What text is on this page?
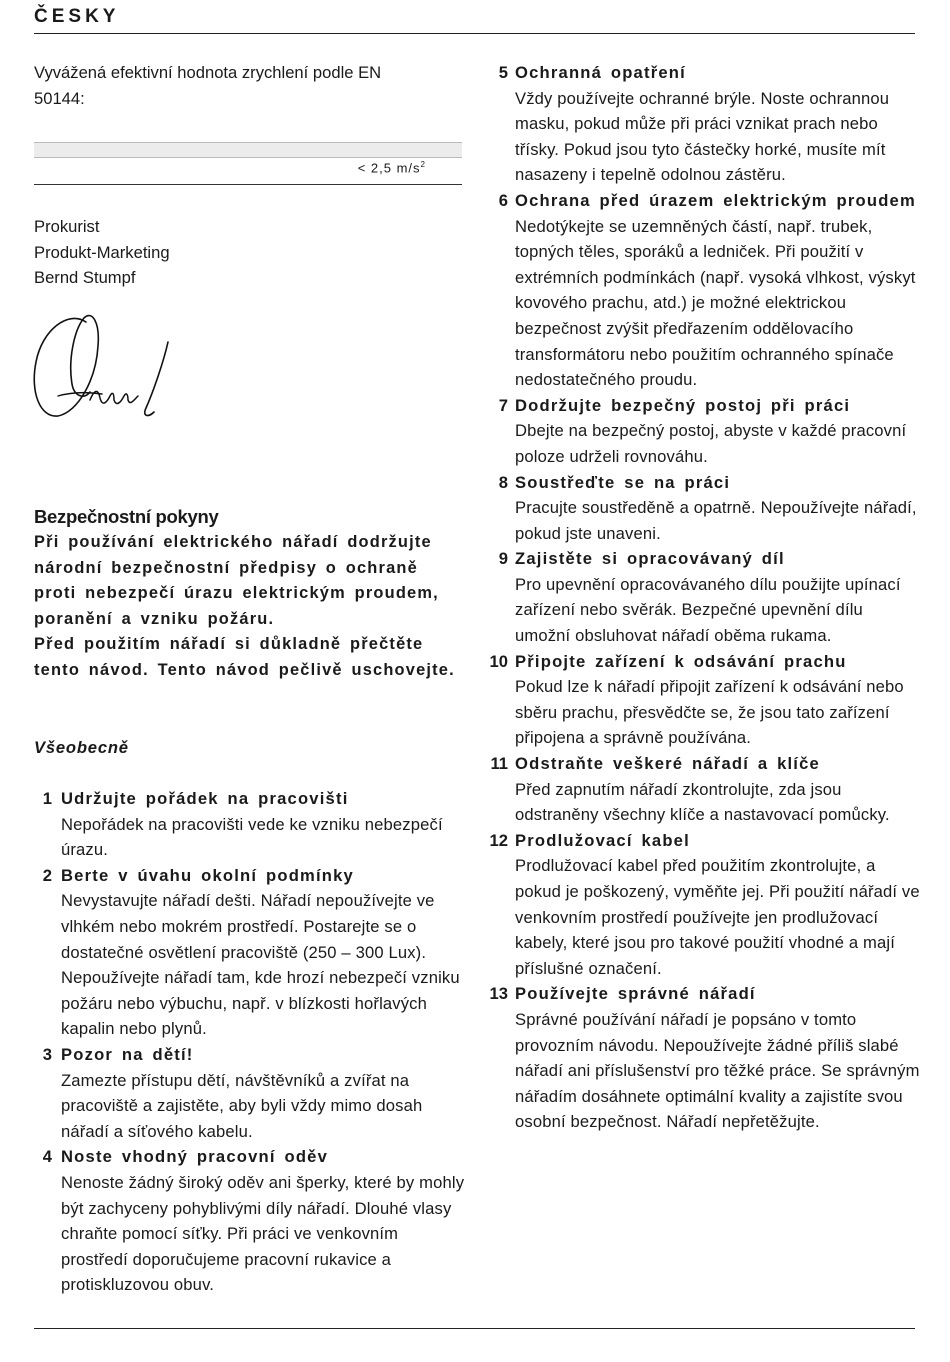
ČESKY

Vyvážená efektivní hodnota zrychlení podle EN 50144:

< 2,5 $m/s^2$
Prokurist
Produkt-Marketing
Bernd Stumpf
Bezpečnostní pokyny
Při používání elektrického nářadí dodržujte národní bezpečnostní předpisy o ochraně proti nebezpečí úrazu elektrickým proudem, poranění a vzniku požáru.
Před použitím nářadí si důkladně přečtěte tento návod. Tento návod pečlivě uschovejte.
Všeobecně
1 Udržujte pořádek na pracovišti
Nepořádek na pracovišti vede ke vzniku nebezpečí úrazu.
2 Berte v úvahu okolní podmínky
Nevystavujte nářadí dešti. Nářadí nepoužívejte ve vlhkém nebo mokrém prostředí. Postarejte se o dostatečné osvětlení pracoviště (250 – 300 Lux). Nepoužívejte nářadí tam, kde hrozí nebezpečí vzniku požáru nebo výbuchu, např. v blízkosti hořlavých kapalin nebo plynů.
3 Pozor na dětí!
Zamezte přístupu dětí, návštěvníků a zvířat na pracoviště a zajistěte, aby byli vždy mimo dosah nářadí a síťového kabelu.
4 Noste vhodný pracovní oděv
Nenoste žádný široký oděv ani šperky, které by mohly být zachyceny pohyblivými díly nářadí. Dlouhé vlasy chraňte pomocí síťky. Při práci ve venkovním prostředí doporučujeme pracovní rukavice a protiskluzovou obuv.
5 Ochranná opatření
Vždy používejte ochranné brýle. Noste ochrannou masku, pokud může při práci vznikat prach nebo třísky. Pokud jsou tyto částečky horké, musíte mít nasazeny i tepelně odolnou zástěru.
6 Ochrana před úrazem elektrickým proudem
Nedotýkejte se uzemněných částí, např. trubek, topných těles, sporáků a ledniček. Při použití v extrémních podmínkách (např. vysoká vlhkost, výskyt kovového prachu, atd.) je možné elektrickou bezpečnost zvýšit předřazením oddělovacího transformátoru nebo použitím ochranného spínače nedostatečného proudu.
7 Dodržujte bezpečný postoj při práci
Dbejte na bezpečný postoj, abyste v každé pracovní poloze udrželi rovnováhu.
8 Soustřeďte se na práci
Pracujte soustředěně a opatrně. Nepoužívejte nářadí, pokud jste unaveni.
9 Zajistěte si opracovávaný díl
Pro upevnění opracovávaného dílu použijte upínací zařízení nebo svěrák. Bezpečné upevnění dílu umožní obsluhovat nářadí oběma rukama.
10 Připojte zařízení k odsávání prachu
Pokud lze k nářadí připojit zařízení k odsávání nebo sběru prachu, přesvědčte se, že jsou tato zařízení připojena a správně používána.
11 Odstraňte veškeré nářadí a klíče
Před zapnutím nářadí zkontrolujte, zda jsou odstraněny všechny klíče a nastavovací pomůcky.
12 Prodlužovací kabel
Prodlužovací kabel před použitím zkontrolujte, a pokud je poškozený, vyměňte jej. Při použití nářadí ve venkovním prostředí používejte jen prodlužovací kabely, které jsou pro takové použití vhodné a mají příslušné označení.
13 Používejte správné nářadí
Správné používání nářadí je popsáno v tomto provozním návodu. Nepoužívejte žádné příliš slabé nářadí ani příslušenství pro těžké práce. Se správným nářadím dosáhnete optimální kvality a zajistíte svou osobní bezpečnost. Nářadí nepřetěžujte.
